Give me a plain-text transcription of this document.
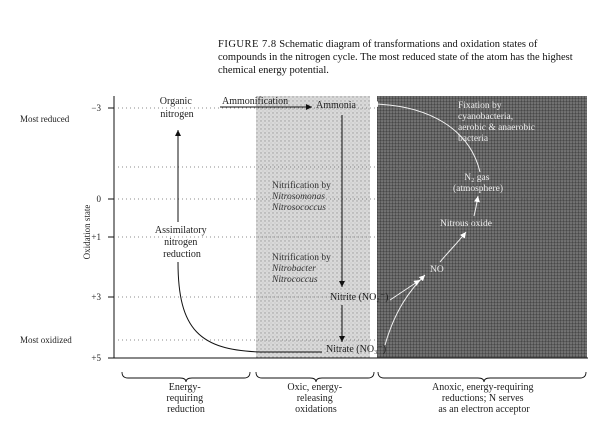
−3
0
+1
+3
+5
Most reduced
Most oxidized
Oxidation state
Organic nitrogen
Ammonification	Ammonia
Assimilatory nitrogen reduction
Nitrification by Nitrosomonas Nitrosococcus
Nitrification by Nitrobacter Nitrococcus
Nitrite (NO₂⁻)
Nitrate (NO₃⁻)
Fixation by cyanobacteria, aerobic & anaerobic bacteria
N₂ gas (atmosphere)
Nitrous oxide
NO
Energy- requiring reduction
Oxic, energy- releasing oxidations
Anoxic, energy-requiring reductions; N serves as an electron acceptor
FIGURE 7.8 Schematic diagram of transformations and oxidation states of compounds in the nitrogen cycle. The most reduced state of the atom has the highest chemical energy potential.
